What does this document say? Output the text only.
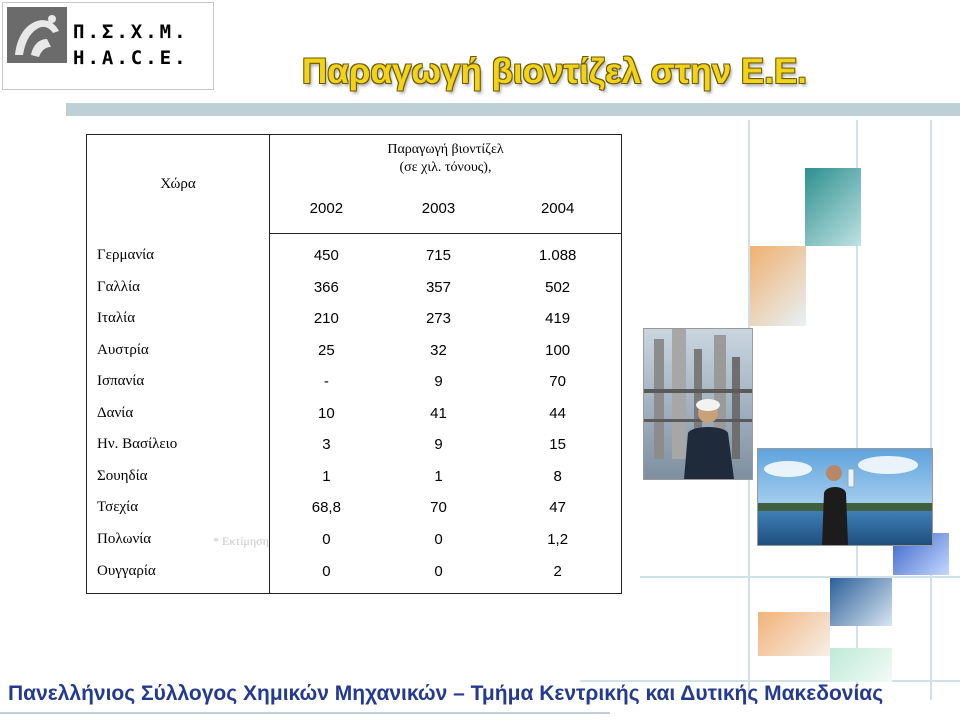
Π.Σ.Χ.Μ.
Η.Α.C.Ε.	Παραγωγή βιοντίζελ στην Ε.Ε.
Χώρα	Παραγωγή βιοντίζελ
(σε χιλ. τόνους),		

	2002	2003	2004
Γερμανία	450	715	1.088
Γαλλία	366	357	502
Ιταλία	210	273	419
Αυστρία	25	32	100
Ισπανία	-	9	70
Δανία	10	41	44
Ην. Βασίλειο	3	9	15
Σουηδία	1	1	8
Τσεχία	68,8	70	47
Πολωνία	0	0	1,2
Ουγγαρία	0	0	2
* Εκτίμηση
Πανελλήνιος Σύλλογος Χημικών Μηχανικών – Τμήμα Κεντρικής και Δυτικής Μακεδονίας
